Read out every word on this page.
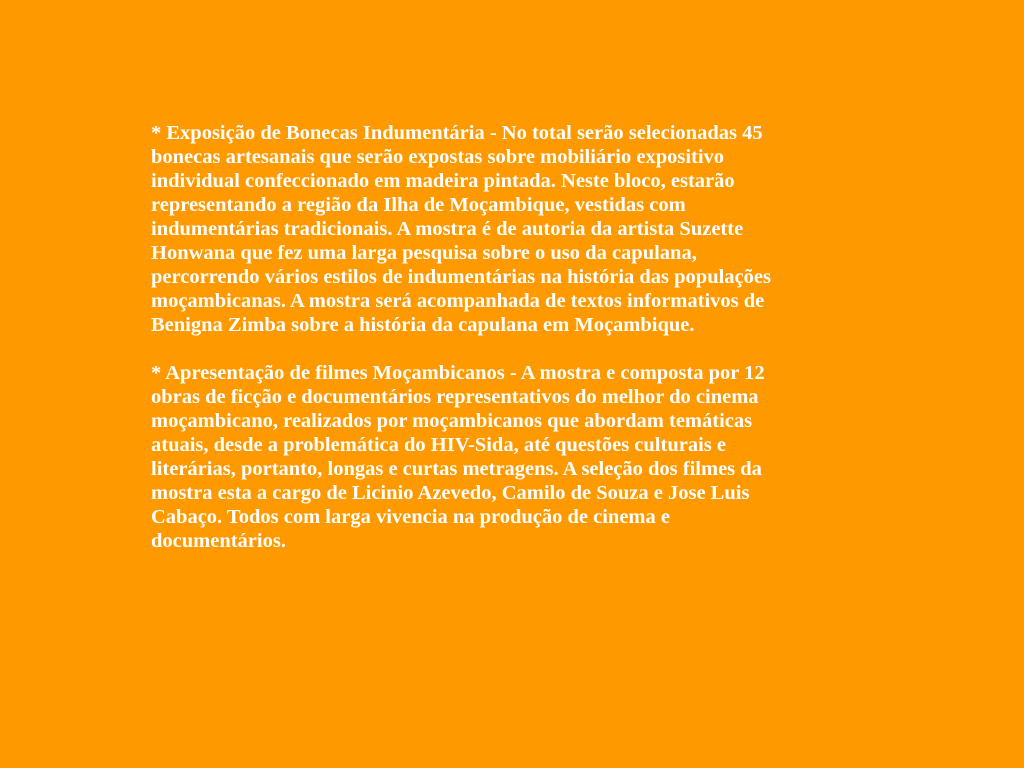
* Exposição de Bonecas Indumentária - No total serão selecionadas 45
bonecas artesanais que serão expostas sobre mobiliário expositivo
individual confeccionado em madeira pintada. Neste bloco, estarão
representando a região da Ilha de Moçambique, vestidas com
indumentárias tradicionais. A mostra é de autoria da artista Suzette
Honwana que fez uma larga pesquisa sobre o uso da capulana,
percorrendo vários estilos de indumentárias na história das populações
moçambicanas. A mostra será acompanhada de textos informativos de
Benigna Zimba sobre a história da capulana em Moçambique.

* Apresentação de filmes Moçambicanos - A mostra e composta por 12
obras de ficção e documentários representativos do melhor do cinema
moçambicano, realizados por moçambicanos que abordam temáticas
atuais, desde a problemática do HIV-Sida, até questões culturais e
literárias, portanto, longas e curtas metragens. A seleção dos filmes da
mostra esta a cargo de Licinio Azevedo, Camilo de Souza e Jose Luis
Cabaço. Todos com larga vivencia na produção de cinema e
documentários.
